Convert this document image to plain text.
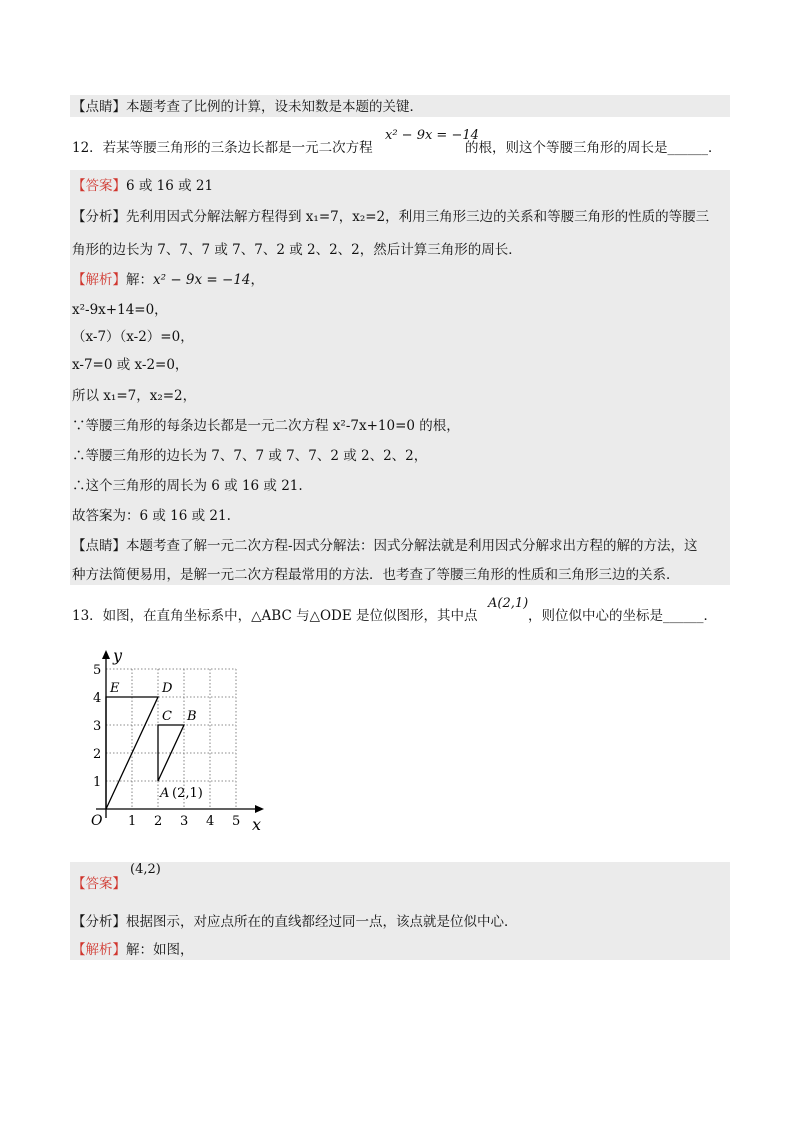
【点睛】本题考查了比例的计算，设未知数是本题的关键．
12．若某等腰三角形的三条边长都是一元二次方程
x² − 9x = −14
的根，则这个等腰三角形的周长是______．
【答案】6 或 16 或 21
【分析】先利用因式分解法解方程得到 x₁=7，x₂=2，利用三角形三边的关系和等腰三角形的性质的等腰三
角形的边长为 7、7、7 或 7、7、2 或 2、2、2，然后计算三角形的周长．
【解析】解：x² − 9x = −14，
x²-9x+14=0，
（x-7）（x-2）=0，
x-7=0 或 x-2=0，
所以 x₁=7，x₂=2，
∵等腰三角形的每条边长都是一元二次方程 x²-7x+10=0 的根，
∴等腰三角形的边长为 7、7、7 或 7、7、2 或 2、2、2，
∴这个三角形的周长为 6 或 16 或 21.
故答案为：6 或 16 或 21.
【点睛】本题考查了解一元二次方程-因式分解法：因式分解法就是利用因式分解求出方程的解的方法，这
种方法简便易用，是解一元二次方程最常用的方法．也考查了等腰三角形的性质和三角形三边的关系．
13．如图，在直角坐标系中，△ABC 与△ODE 是位似图形，其中点
A(2,1)
，则位似中心的坐标是______．
y
x
O 1 2 3 4 5
1
2
3
4
5
E	D
C B
A (2,1)
【答案】
(4,2)
【分析】根据图示，对应点所在的直线都经过同一点，该点就是位似中心．
【解析】解：如图，
